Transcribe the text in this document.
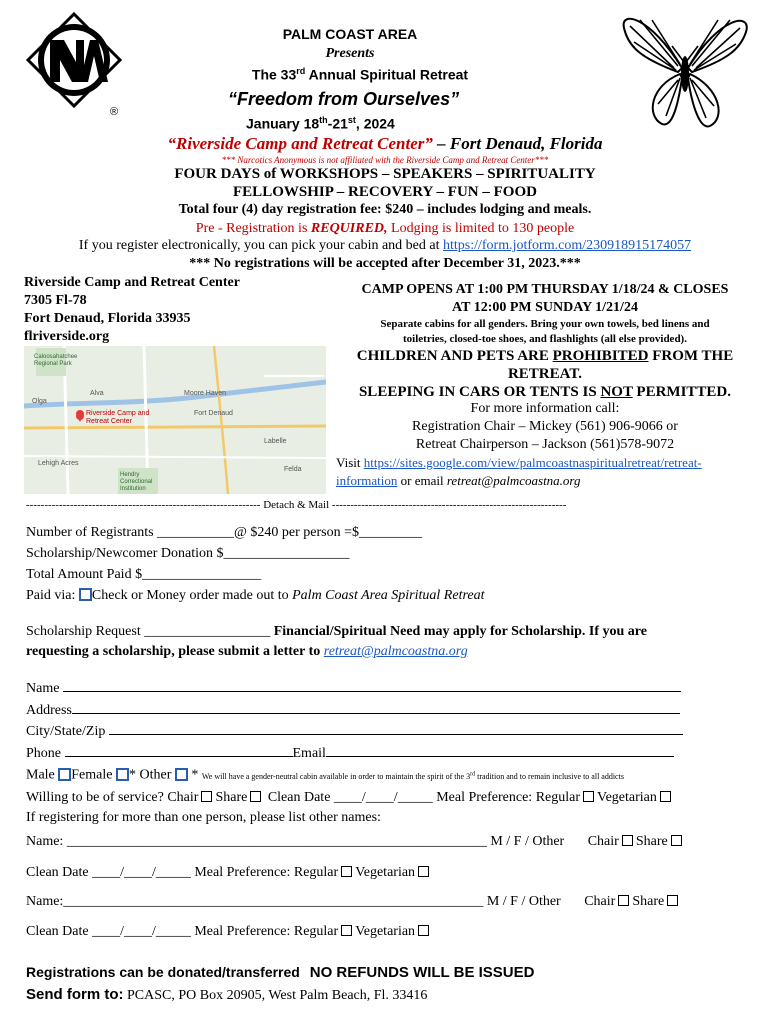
®
PALM COAST AREA
Presents
The 33rd Annual Spiritual Retreat
“Freedom from Ourselves”
January 18th-21st, 2024
“Riverside Camp and Retreat Center” – Fort Denaud, Florida
*** Narcotics Anonymous is not affiliated with the Riverside Camp and Retreat Center***
FOUR DAYS of WORKSHOPS – SPEAKERS – SPIRITUALITY
FELLOWSHIP – RECOVERY – FUN – FOOD
Total four (4) day registration fee: $240 – includes lodging and meals.
Pre - Registration is REQUIRED, Lodging is limited to 130 people
If you register electronically, you can pick your cabin and bed at https://form.jotform.com/230918915174057
*** No registrations will be accepted after December 31, 2023.***
Riverside Camp and Retreat Center
7305 Fl-78
Fort Denaud, Florida 33935
flriverside.org
Riverside Camp and Retreat Center
Caloosahatchee Regional Park
Olga
Alva	Moore Haven
Fort Denaud
Labelle
Lehigh Acres
Felda
Hendry Correctional Institution
CAMP OPENS AT 1:00 PM THURSDAY 1/18/24 & CLOSES
AT 12:00 PM SUNDAY 1/21/24
Separate cabins for all genders. Bring your own towels, bed linens and
toiletries, closed-toe shoes, and flashlights (all else provided).
CHILDREN AND PETS ARE PROHIBITED FROM THE
RETREAT.
SLEEPING IN CARS OR TENTS IS NOT PERMITTED.
For more information call:
Registration Chair – Mickey (561) 906-9066 or
Retreat Chairperson – Jackson (561)578-9072
Visit https://sites.google.com/view/palmcoastnaspiritualretreat/retreat-
information or email retreat@palmcoastna.org
---------------------------------------------------------------- Detach & Mail ----------------------------------------------------------------
Number of Registrants ___________@ $240 per person =$_________
Scholarship/Newcomer Donation $__________________
Total Amount Paid $_________________
Paid via: Check or Money order made out to Palm Coast Area Spiritual Retreat
Scholarship Request __________________ Financial/Spiritual Need may apply for Scholarship. If you are
requesting a scholarship, please submit a letter to retreat@palmcoastna.org
Name
Address
City/State/Zip
Phone	Email
Male Female * Other  * We will have a gender-neutral cabin available in order to maintain the spirit of the 3rd tradition and to remain inclusive to all addicts
Willing to be of service? Chair Share Clean Date ____/____/_____ Meal Preference: Regular Vegetarian
If registering for more than one person, please list other names:
Name: ____________________________________________________________ M / F / Other Chair Share
Clean Date ____/____/_____ Meal Preference: Regular Vegetarian
Name:____________________________________________________________ M / F / Other Chair Share
Clean Date ____/____/_____ Meal Preference: Regular Vegetarian
Registrations can be donated/transferred NO REFUNDS WILL BE ISSUED
Send form to: PCASC, PO Box 20905, West Palm Beach, Fl. 33416
